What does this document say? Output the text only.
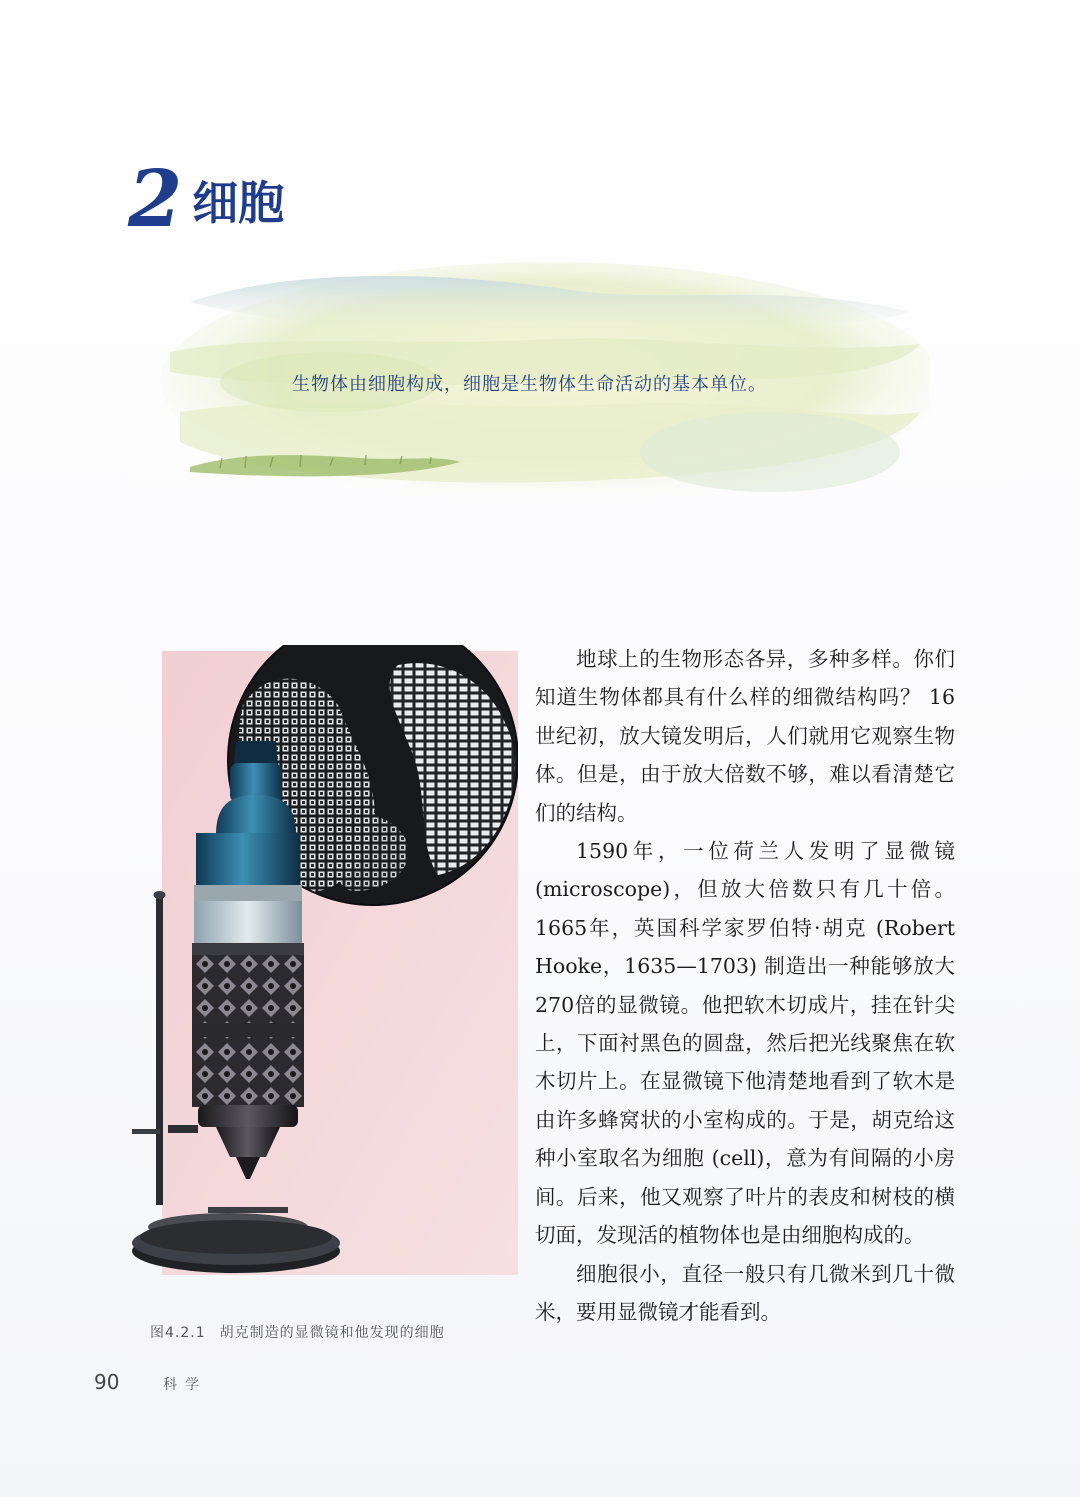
2 细胞
生物体由细胞构成，细胞是生物体生命活动的基本单位。
图4.2.1 胡克制造的显微镜和他发现的细胞

地球上的生物形态各异，多种多样。你们知道生物体都具有什么样的细微结构吗？ 16世纪初，放大镜发明后，人们就用它观察生物体。但是，由于放大倍数不够，难以看清楚它们的结构。

1590年，一位荷兰人发明了显微镜(microscope)，但放大倍数只有几十倍。1665年，英国科学家罗伯特·胡克 (Robert Hooke，1635—1703) 制造出一种能够放大270倍的显微镜。他把软木切成片，挂在针尖上，下面衬黑色的圆盘，然后把光线聚焦在软木切片上。在显微镜下他清楚地看到了软木是由许多蜂窝状的小室构成的。于是，胡克给这种小室取名为细胞 (cell)，意为有间隔的小房间。后来，他又观察了叶片的表皮和树枝的横切面，发现活的植物体也是由细胞构成的。

细胞很小，直径一般只有几微米到几十微米，要用显微镜才能看到。

90	科学
